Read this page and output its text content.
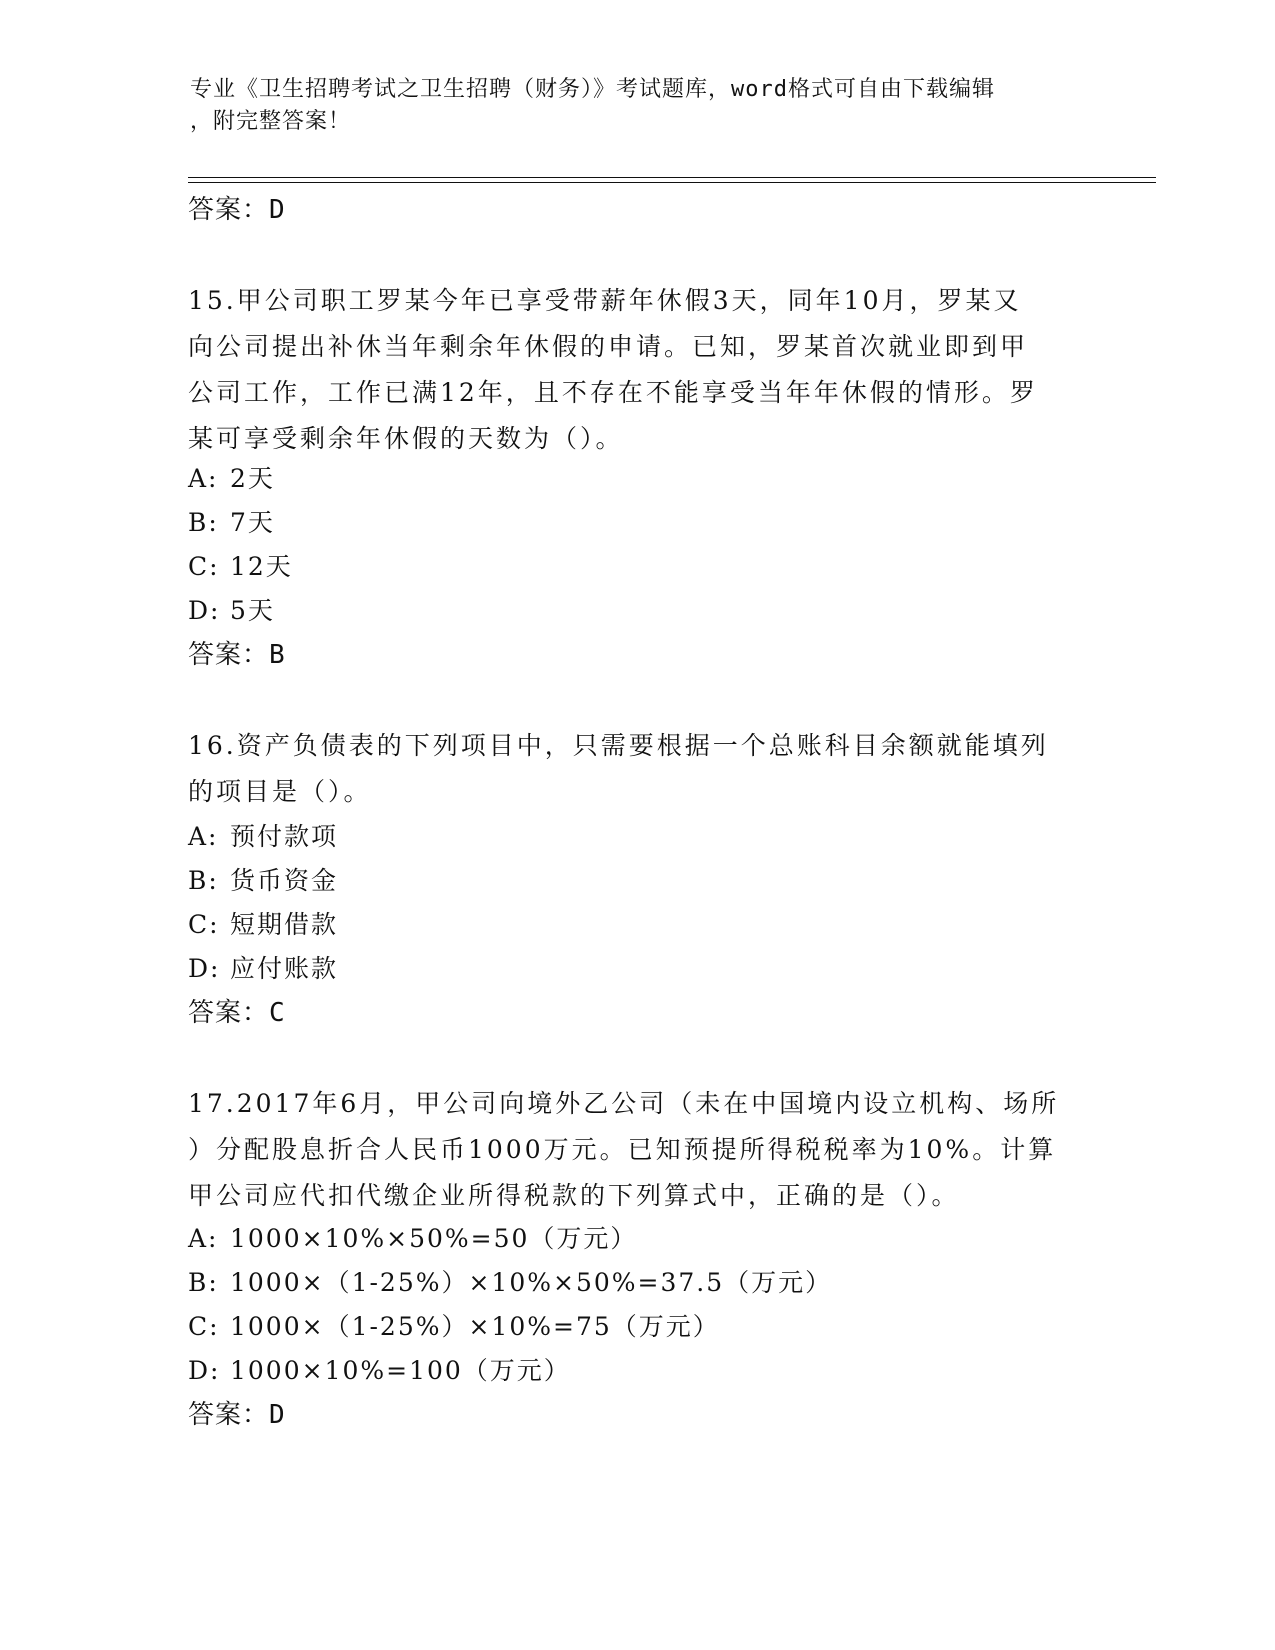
专业《卫生招聘考试之卫生招聘（财务）》考试题库，word格式可自由下载编辑
，附完整答案！
答案：D
15.甲公司职工罗某今年已享受带薪年休假3天，同年10月，罗某又
向公司提出补休当年剩余年休假的申请。已知，罗某首次就业即到甲
公司工作，工作已满12年，且不存在不能享受当年年休假的情形。罗
某可享受剩余年休假的天数为（）。
A: 2天
B: 7天
C: 12天
D: 5天
答案：B
16.资产负债表的下列项目中，只需要根据一个总账科目余额就能填列
的项目是（）。
A: 预付款项
B: 货币资金
C: 短期借款
D: 应付账款
答案：C
17.2017年6月，甲公司向境外乙公司（未在中国境内设立机构、场所
）分配股息折合人民币1000万元。已知预提所得税税率为10%。计算
甲公司应代扣代缴企业所得税款的下列算式中，正确的是（）。
A: 1000×10%×50%=50（万元）
B: 1000×（1-25%）×10%×50%=37.5（万元）
C: 1000×（1-25%）×10%=75（万元）
D: 1000×10%=100（万元）
答案：D
